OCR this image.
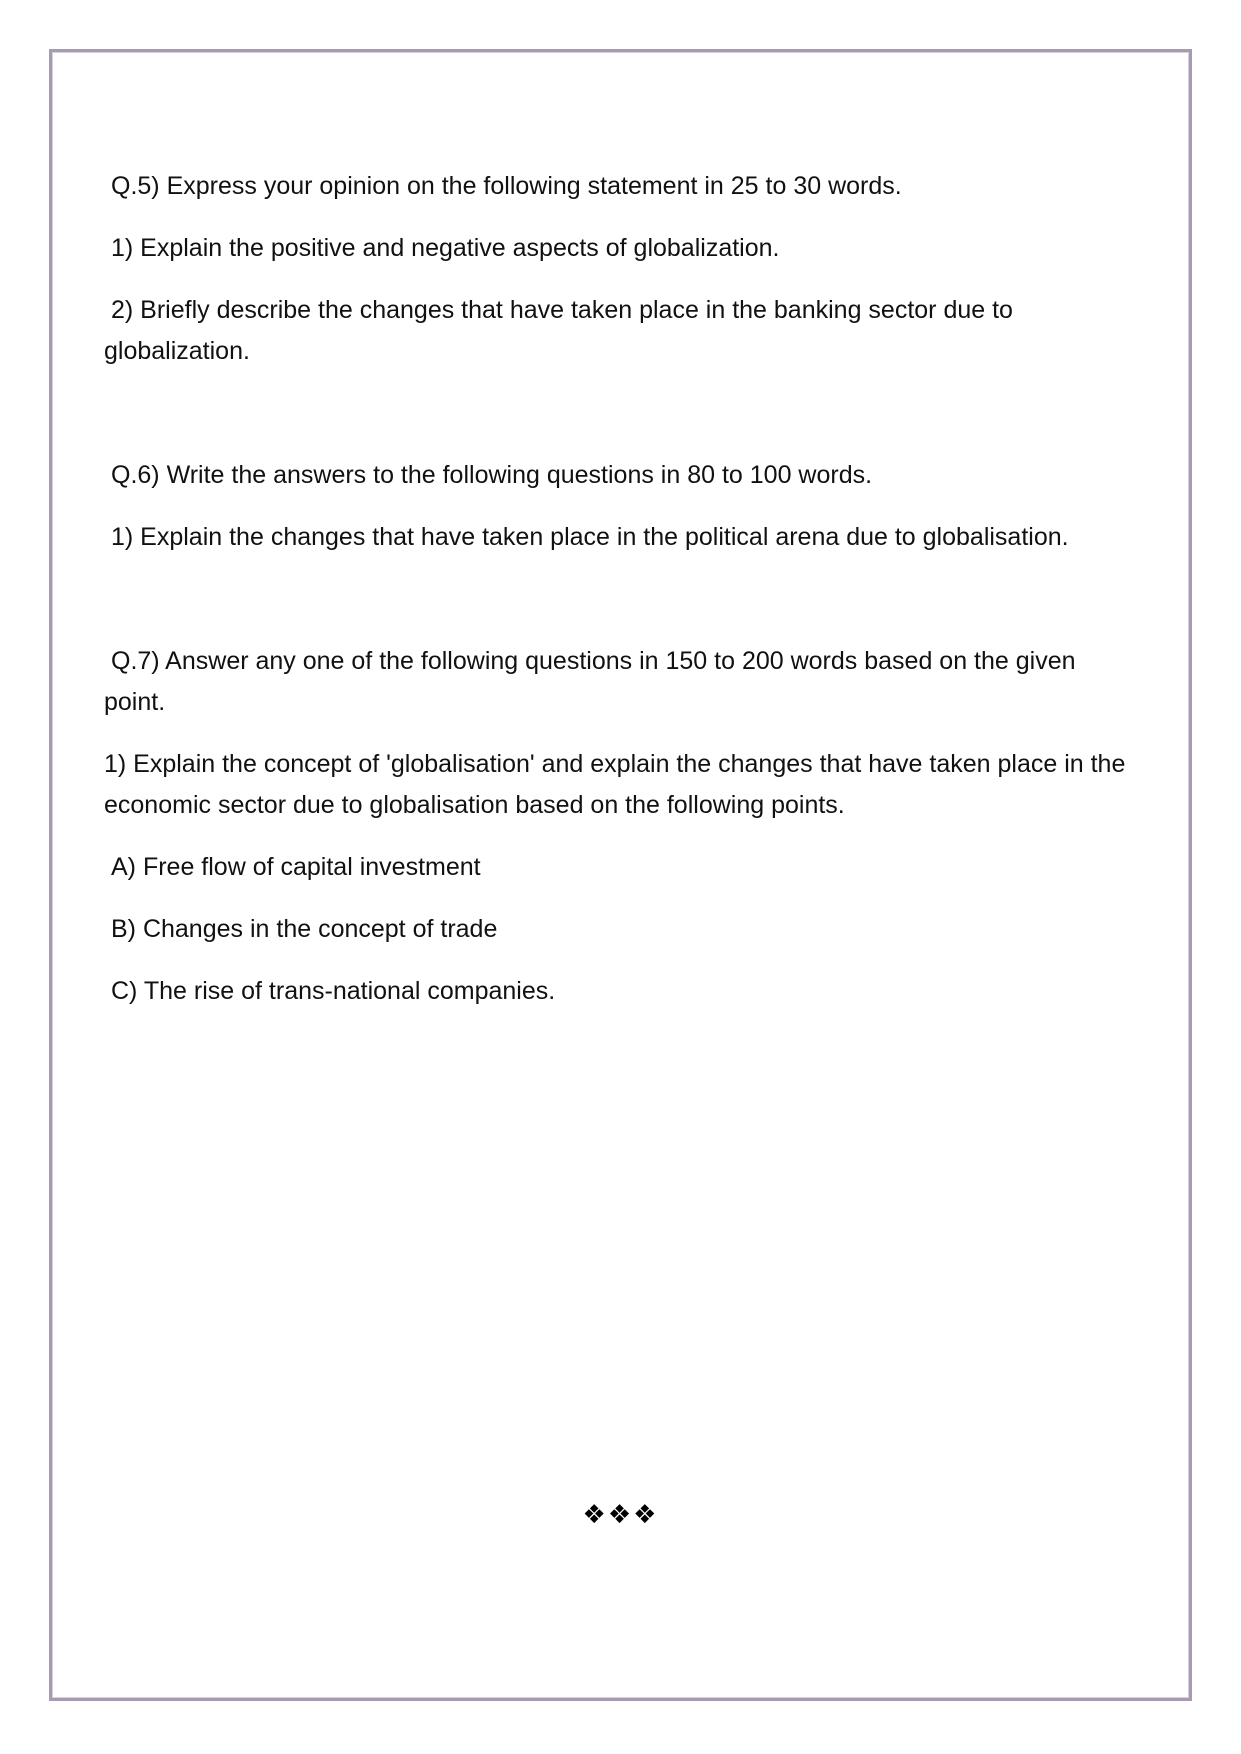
Q.5) Express your opinion on the following statement in 25 to 30 words.

1) Explain the positive and negative aspects of globalization.

2) Briefly describe the changes that have taken place in the banking sector due to globalization.

Q.6) Write the answers to the following questions in 80 to 100 words.

1) Explain the changes that have taken place in the political arena due to globalisation.

Q.7) Answer any one of the following questions in 150 to 200 words based on the given point.

1) Explain the concept of 'globalisation' and explain the changes that have taken place in the economic sector due to globalisation based on the following points.

A) Free flow of capital investment

B) Changes in the concept of trade

C) The rise of trans-national companies.

❖❖❖
